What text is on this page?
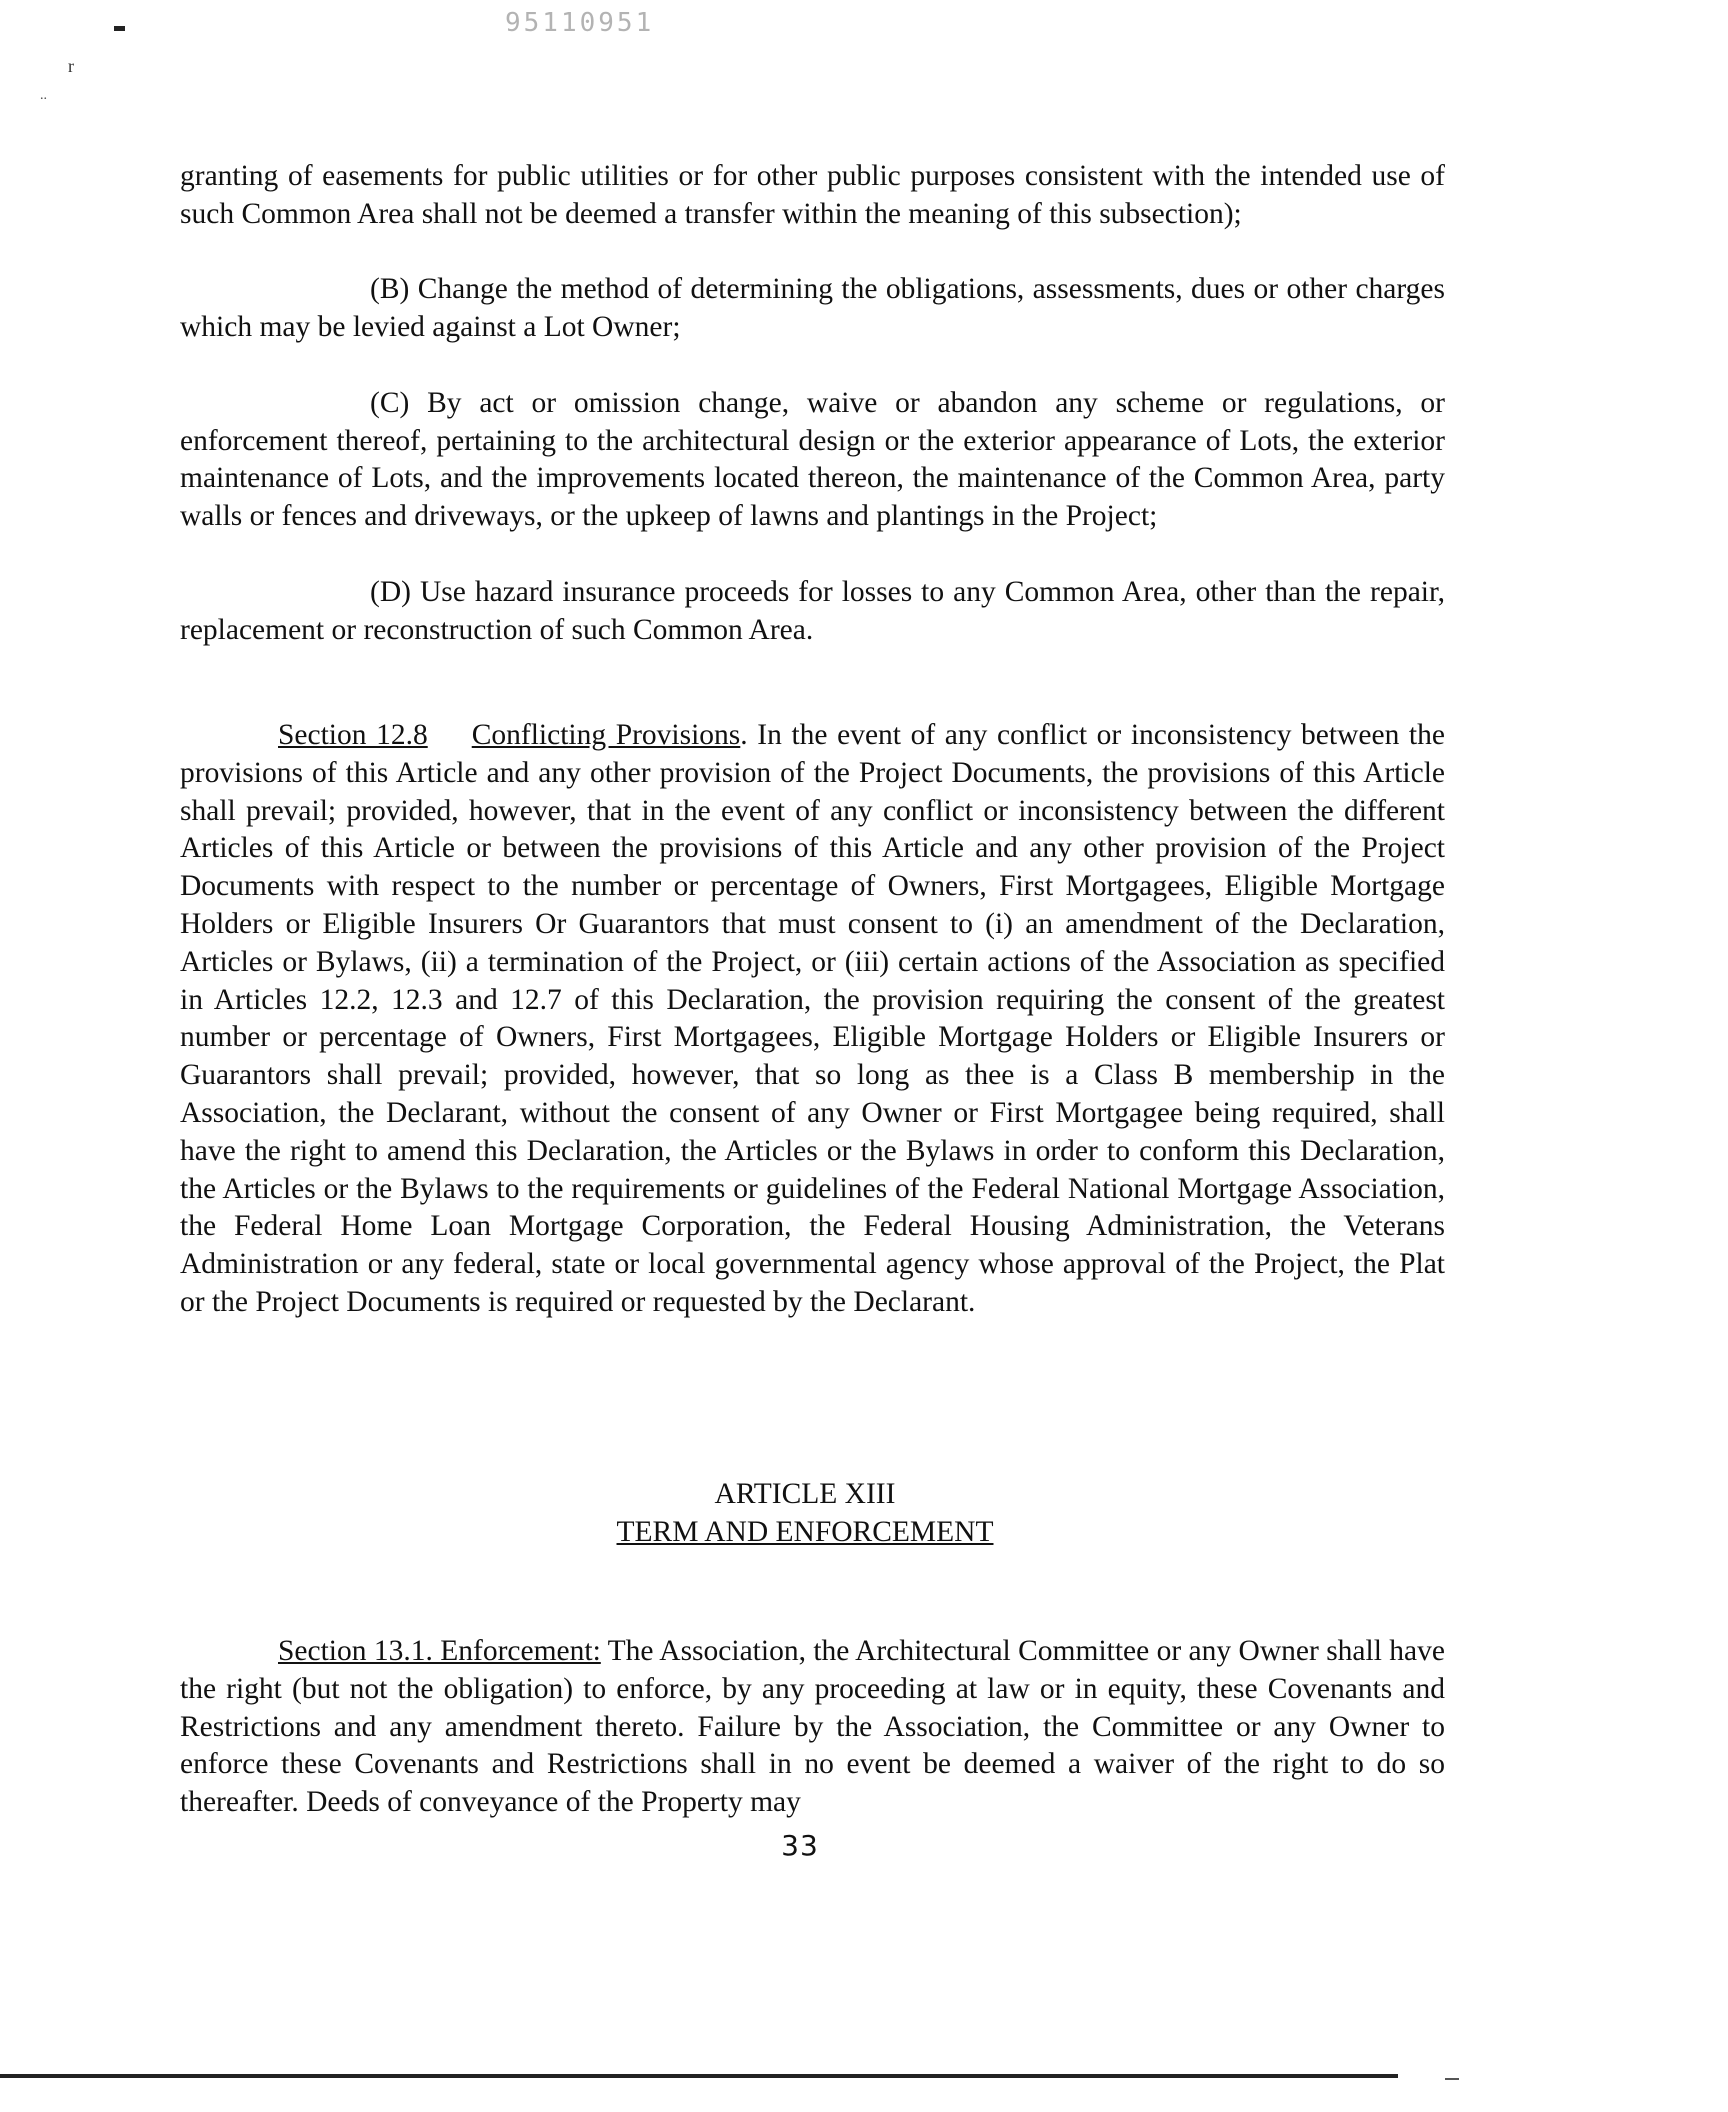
95110951
r
..

granting of easements for public utilities or for other public purposes consistent with the intended use of such Common Area shall not be deemed a transfer within the meaning of this subsection);

(B) Change the method of determining the obligations, assessments, dues or other charges which may be levied against a Lot Owner;

(C) By act or omission change, waive or abandon any scheme or regulations, or enforcement thereof, pertaining to the architectural design or the exterior appearance of Lots, the exterior maintenance of Lots, and the improvements located thereon, the maintenance of the Common Area, party walls or fences and driveways, or the upkeep of lawns and plantings in the Project;

(D) Use hazard insurance proceeds for losses to any Common Area, other than the repair, replacement or reconstruction of such Common Area.

Section 12.8 Conflicting Provisions. In the event of any conflict or inconsistency between the provisions of this Article and any other provision of the Project Documents, the provisions of this Article shall prevail; provided, however, that in the event of any conflict or inconsistency between the different Articles of this Article or between the provisions of this Article and any other provision of the Project Documents with respect to the number or percentage of Owners, First Mortgagees, Eligible Mortgage Holders or Eligible Insurers Or Guarantors that must consent to (i) an amendment of the Declaration, Articles or Bylaws, (ii) a termination of the Project, or (iii) certain actions of the Association as specified in Articles 12.2, 12.3 and 12.7 of this Declaration, the provision requiring the consent of the greatest number or percentage of Owners, First Mortgagees, Eligible Mortgage Holders or Eligible Insurers or Guarantors shall prevail; provided, however, that so long as thee is a Class B membership in the Association, the Declarant, without the consent of any Owner or First Mortgagee being required, shall have the right to amend this Declaration, the Articles or the Bylaws in order to conform this Declaration, the Articles or the Bylaws to the requirements or guidelines of the Federal National Mortgage Association, the Federal Home Loan Mortgage Corporation, the Federal Housing Administration, the Veterans Administration or any federal, state or local governmental agency whose approval of the Project, the Plat or the Project Documents is required or requested by the Declarant.

ARTICLE XIII
TERM AND ENFORCEMENT

Section 13.1. Enforcement: The Association, the Architectural Committee or any Owner shall have the right (but not the obligation) to enforce, by any proceeding at law or in equity, these Covenants and Restrictions and any amendment thereto. Failure by the Association, the Committee or any Owner to enforce these Covenants and Restrictions shall in no event be deemed a waiver of the right to do so thereafter. Deeds of conveyance of the Property may

33
